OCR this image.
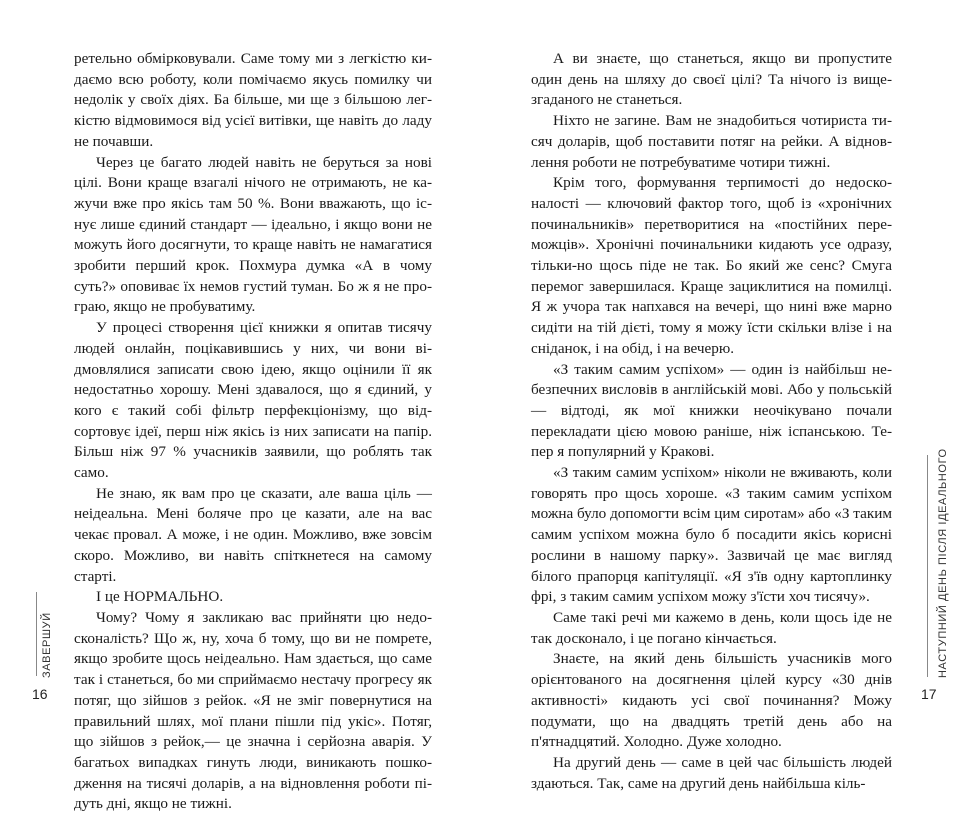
ретельно обмірковували. Саме тому ми з легкістю кидаємо всю роботу, коли помічаємо якусь помилку чи недолік у своїх діях. Ба більше, ми ще з більшою легкістю відмовимося від усієї витівки, ще навіть до ладу не почавши.

Через це багато людей навіть не беруться за нові цілі. Вони краще взагалі нічого не отримають, не кажучи вже про якісь там 50 %. Вони вважають, що існує лише єдиний стандарт — ідеально, і якщо вони не можуть його досягнути, то краще навіть не намагатися зробити перший крок. Похмура думка «А в чому суть?» оповиває їх немов густий туман. Бо ж я не програю, якщо не пробуватиму.

У процесі створення цієї книжки я опитав тисячу людей онлайн, поцікавившись у них, чи вони відмовлялися записати свою ідею, якщо оцінили її як недостатньо хорошу. Мені здавалося, що я єдиний, у кого є такий собі фільтр перфекціонізму, що відсортовує ідеї, перш ніж якісь із них записати на папір. Більш ніж 97 % учасників заявили, що роблять так само.

Не знаю, як вам про це сказати, але ваша ціль — неідеальна. Мені боляче про це казати, але на вас чекає провал. А може, і не один. Можливо, вже зовсім скоро. Можливо, ви навіть спіткнетеся на самому старті.

І це НОРМАЛЬНО.

Чому? Чому я закликаю вас прийняти цю недосконалість? Що ж, ну, хоча б тому, що ви не помрете, якщо зробите щось неідеально. Нам здається, що саме так і станеться, бо ми сприймаємо нестачу прогресу як потяг, що зійшов з рейок. «Я не зміг повернутися на правильний шлях, мої плани пішли під укіс». Потяг, що зійшов з рейок,— це значна і серйозна аварія. У багатьох випадках гинуть люди, виникають пошкодження на тисячі доларів, а на відновлення роботи підуть дні, якщо не тижні.

А ви знаєте, що станеться, якщо ви пропустите один день на шляху до своєї цілі? Та нічого із вищезгаданого не станеться.

Ніхто не загине. Вам не знадобиться чотириста тисяч доларів, щоб поставити потяг на рейки. А відновлення роботи не потребуватиме чотири тижні.

Крім того, формування терпимості до недосконалості — ключовий фактор того, щоб із «хронічних починальників» перетворитися на «постійних переможців». Хронічні починальники кидають усе одразу, тільки-но щось піде не так. Бо який же сенс? Смуга перемог завершилася. Краще зациклитися на помилці. Я ж учора так напхався на вечері, що нині вже марно сидіти на тій дієті, тому я можу їсти скільки влізе і на сніданок, і на обід, і на вечерю.

«З таким самим успіхом» — один із найбільш небезпечних висловів в англійській мові. Або у польській — відтоді, як мої книжки неочікувано почали перекладати цією мовою раніше, ніж іспанською. Тепер я популярний у Кракові.

«З таким самим успіхом» ніколи не вживають, коли говорять про щось хороше. «З таким самим успіхом можна було допомогти всім цим сиротам» або «З таким самим успіхом можна було б посадити якісь корисні рослини в нашому парку». Зазвичай це має вигляд білого прапорця капітуляції. «Я з'їв одну картоплинку фрі, з таким самим успіхом можу з'їсти хоч тисячу».

Саме такі речі ми кажемо в день, коли щось іде не так досконало, і це погано кінчається.

Знаєте, на який день більшість учасників мого орієнтованого на досягнення цілей курсу «30 днів активності» кидають усі свої починання? Можу подумати, що на двадцять третій день або на п'ятнадцятий. Холодно. Дуже холодно.

На другий день — саме в цей час більшість людей здаються. Так, саме на другий день найбільша кіль-

ЗАВЕРШУЙ
16
НАСТУПНИЙ ДЕНЬ ПІСЛЯ ІДЕАЛЬНОГО
17
